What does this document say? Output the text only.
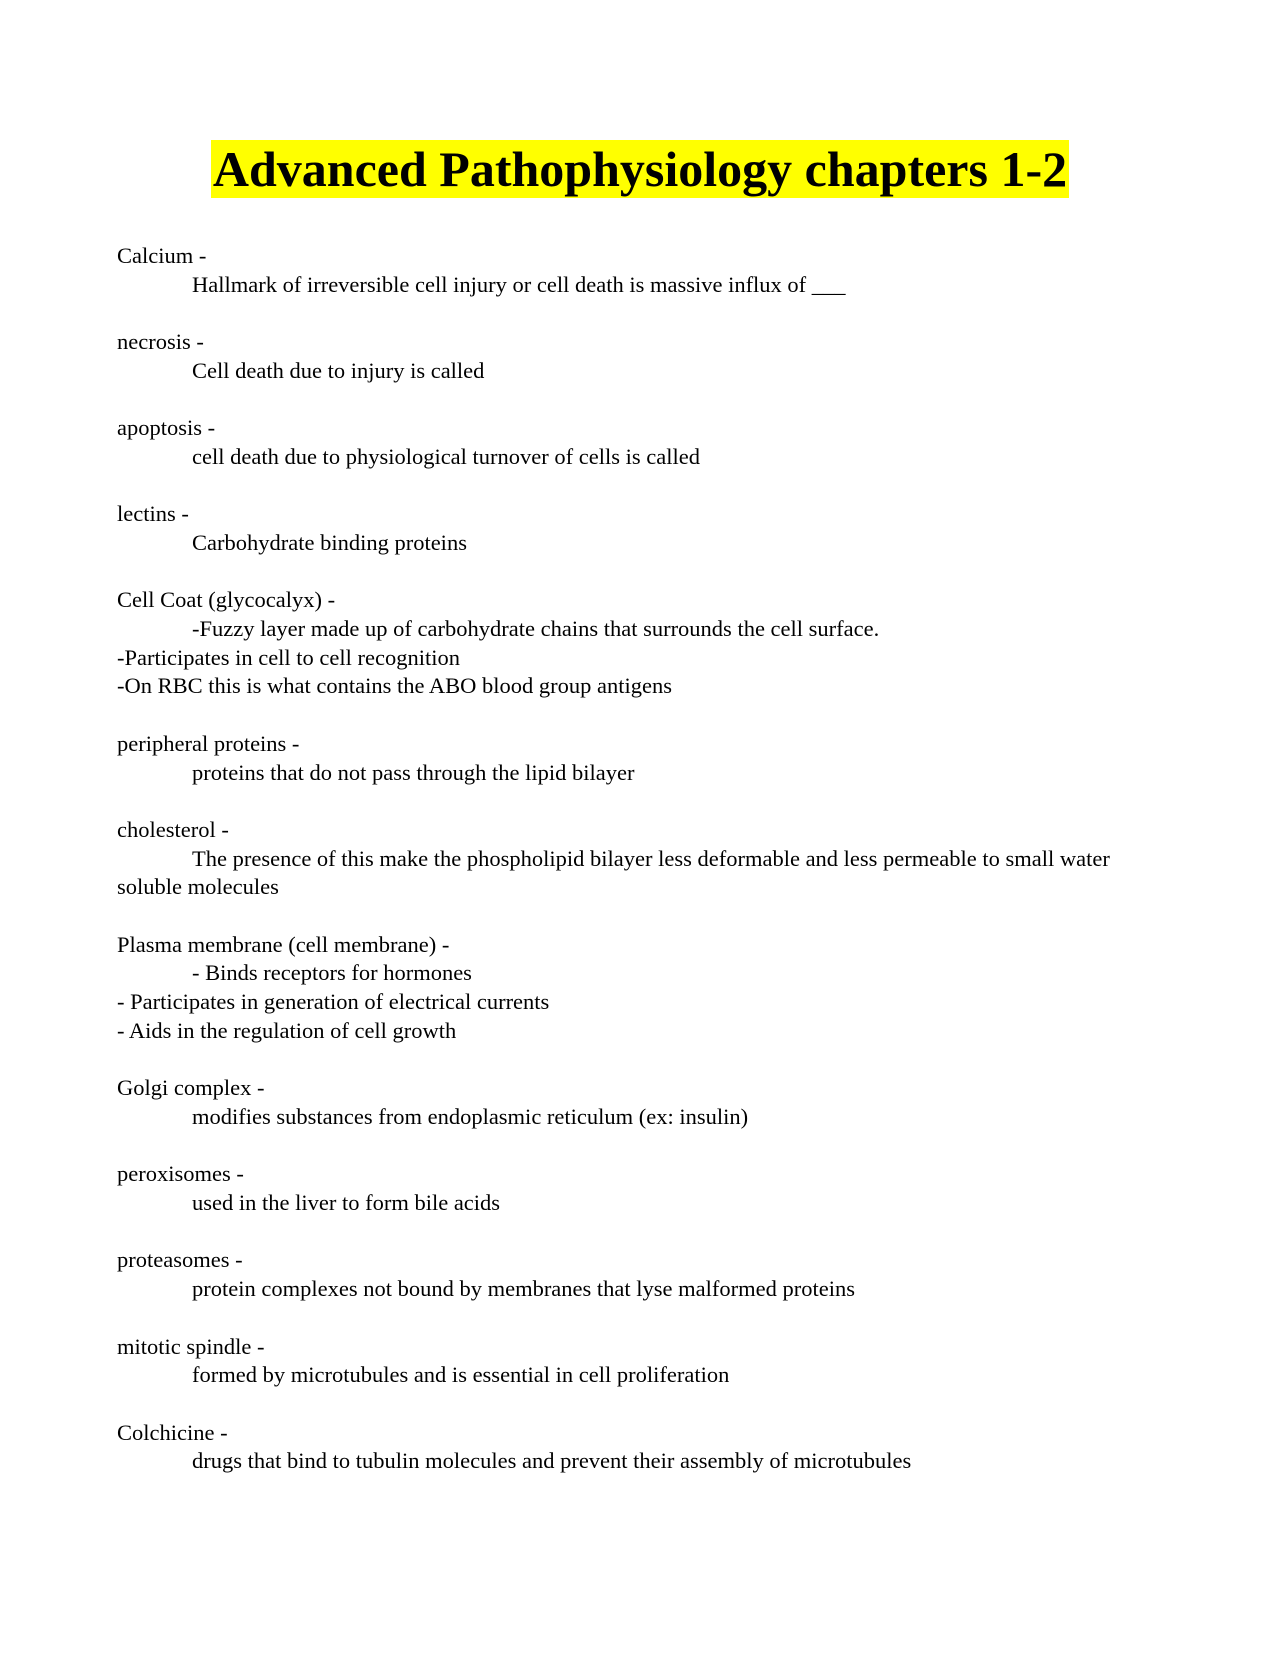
Advanced Pathophysiology chapters 1-2
Calcium -
Hallmark of irreversible cell injury or cell death is massive influx of ___
necrosis -
Cell death due to injury is called
apoptosis -
cell death due to physiological turnover of cells is called
lectins -
Carbohydrate binding proteins
Cell Coat (glycocalyx) -
-Fuzzy layer made up of carbohydrate chains that surrounds the cell surface.
-Participates in cell to cell recognition
-On RBC this is what contains the ABO blood group antigens
peripheral proteins -
proteins that do not pass through the lipid bilayer
cholesterol -
The presence of this make the phospholipid bilayer less deformable and less permeable to small water soluble molecules
Plasma membrane (cell membrane) -
- Binds receptors for hormones
- Participates in generation of electrical currents
- Aids in the regulation of cell growth
Golgi complex -
modifies substances from endoplasmic reticulum (ex: insulin)
peroxisomes -
used in the liver to form bile acids
proteasomes -
protein complexes not bound by membranes that lyse malformed proteins
mitotic spindle -
formed by microtubules and is essential in cell proliferation
Colchicine -
drugs that bind to tubulin molecules and prevent their assembly of microtubules
